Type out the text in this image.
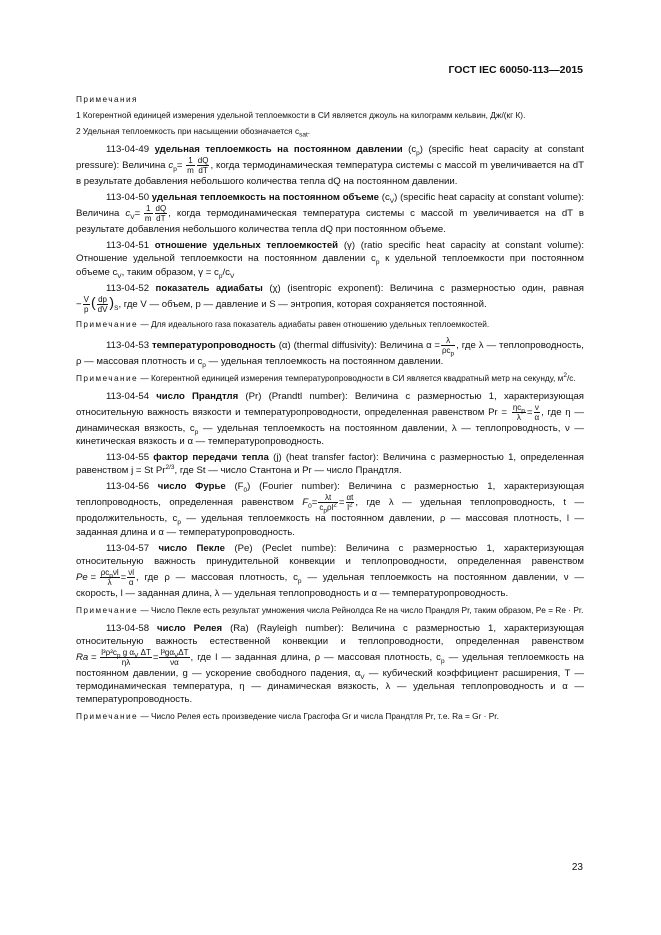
ГОСТ IEC 60050-113—2015
Примечания
1 Когерентной единицей измерения удельной теплоемкости в СИ является джоуль на килограмм кельвин, Дж/(кг К).
2 Удельная теплоемкость при насыщении обозначается $c_{sat}$.
113-04-49 удельная теплоемкость на постоянном давлении $(c_p)$ (specific heat capacity at constant pressure): Величина $c_p= \frac{1}{m} \frac{dQ}{dT}$ , когда термодинамическая температура системы с массой m увеличивается на dT в результате добавления небольшого количества тепла dQ на постоянном давлении.
113-04-50 удельная теплоемкость на постоянном объеме $(c_V)$ (specific heat capacity at constant volume): Величина $c_V= \frac{1}{m} \frac{dQ}{dT}$ , когда термодинамическая температура системы с массой m увеличивается на dT в результате добавления небольшого количества тепла dQ при постоянном объеме.
113-04-51 отношение удельных теплоемкостей (γ) (ratio specific heat capacity at constant volume): Отношение удельной теплоемкости на постоянном давлении $c_p$ к удельной теплоемкости при постоянном объеме $c_V$, таким образом, $\gamma = c_p/c_V$
113-04-52 показатель адиабаты (χ) (isentropic exponent): Величина с размерностью один, равная − $\frac{V}{p}$ ( $\frac{dp}{dV} )_S$, где V — объем, p — давление и S — энтропия, которая сохраняется постоянной.
Примечание — Для идеального газа показатель адиабаты равен отношению удельных теплоемкостей.
113-04-53 температуропроводность (α) (thermal diffusivity): Величина $\alpha = \frac{\lambda}{\rho c_p}$ , где λ — теплопроводность, ρ — массовая плотность и $c_p$ — удельная теплоемкость на постоянном давлении.
Примечание — Когерентной единицей измерения температуропроводности в СИ является квадратный метр на секунду, $м^2/с$.
113-04-54 число Прандтля (Pr) (Prandtl number): Величина с размерностью 1, характеризующая относительную важность вязкости и температуропроводности, определенная равенством $Pr = \frac{\eta c_p}{\lambda} = \frac{\nu}{\alpha}$ , где η — динамическая вязкость, $c_p$ — удельная теплоемкость на постоянном давлении, λ — теплопроводность, ν — кинетическая вязкость и α — температуропроводность.
113-04-55 фактор передачи тепла (j) (heat transfer factor): Величина с размерностью 1, определенная равенством j = St $Pr^{2/3}$, где St — число Стантона и Pr — число Прандтля.
113-04-56 число Фурье $(F_0)$ (Fourier number): Величина с размерностью 1, характеризующая теплопроводность, определенная равенством $F_0= \frac{\lambda t}{c_p\rho l^2} = \frac{\alpha t}{l^2}$ , где λ — удельная теплопроводность, t — продолжительность, $c_p$ — удельная теплоемкость на постоянном давлении, ρ — массовая плотность, l — заданная длина и α — температуропроводность.
113-04-57 число Пекле (Pe) (Peclet numbe): Величина с размерностью 1, характеризующая относительную важность принудительной конвекции и теплопроводности, определенная равенством $Pe = \frac{\rho c_p\nu l}{\lambda} = \frac{\nu l}{\alpha}$ , где ρ — массовая плотность, $c_p$ — удельная теплоемкость на постоянном давлении, ν — скорость, l — заданная длина, λ — удельная теплопроводность и α — температуропроводность.
Примечание — Число Пекле есть результат умножения числа Рейнолдса Re на число Прандля Pr, таким образом, Pe = Re · Pr.
113-04-58 число Релея (Ra) (Rayleigh number): Величина с размерностью 1, характеризующая относительную важность естественной конвекции и теплопроводности, определенная равенством $Ra = \frac{l^3\rho^2c_p g \alpha_V \Delta T}{\eta\lambda} = \frac{l^3g\alpha_V\Delta T}{\nu\alpha}$ , где l — заданная длина, ρ — массовая плотность, $c_p$ — удельная теплоемкость на постоянном давлении, g — ускорение свободного падения, $\alpha_V$ — кубический коэффициент расширения, T — термодинамическая температура, η — динамическая вязкость, λ — удельная теплопроводность и α — температуропроводность.
Примечание — Число Релея есть произведение числа Грасгофа Gr и числа Прандтля Pr, т.е. Ra = Gr · Pr.
23
